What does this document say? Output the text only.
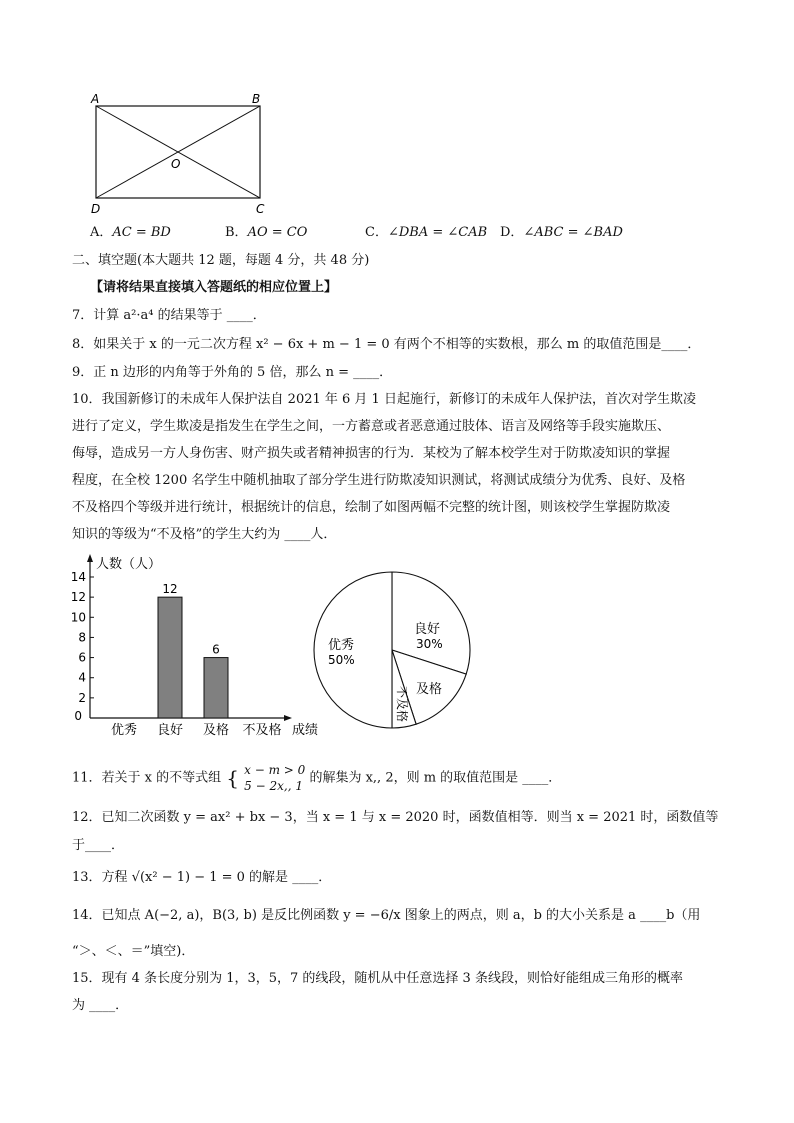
A	B
C
D
O
A．AC = BD	B．AO = CO	C．∠DBA = ∠CAB D．∠ABC = ∠BAD
二、填空题(本大题共 12 题，每题 4 分，共 48 分)
【请将结果直接填入答题纸的相应位置上】
7．计算 a²·a⁴ 的结果等于 ____．
8．如果关于 x 的一元二次方程 x² − 6x + m − 1 = 0 有两个不相等的实数根，那么 m 的取值范围是____．
9．正 n 边形的内角等于外角的 5 倍，那么 n = ____．
10．我国新修订的未成年人保护法自 2021 年 6 月 1 日起施行，新修订的未成年人保护法，首次对学生欺凌
进行了定义，学生欺凌是指发生在学生之间，一方蓄意或者恶意通过肢体、语言及网络等手段实施欺压、
侮辱，造成另一方人身伤害、财产损失或者精神损害的行为．某校为了解本校学生对于防欺凌知识的掌握
程度，在全校 1200 名学生中随机抽取了部分学生进行防欺凌知识测试，将测试成绩分为优秀、良好、及格
不及格四个等级并进行统计，根据统计的信息，绘制了如图两幅不完整的统计图，则该校学生掌握防欺凌
知识的等级为“不及格”的学生大约为 ____人．
人数（人）
成绩
0
2
4
6
8
10
12
14
优秀 良好 及格 不及格
12
6
良好
30%
及格
优秀
50%
不及格
11．若关于 x 的不等式组 { x − m > 0
5 − 2x,, 1 的解集为 x,, 2，则 m 的取值范围是 ____．
12．已知二次函数 y = ax² + bx − 3，当 x = 1 与 x = 2020 时，函数值相等．则当 x = 2021 时，函数值等
于____．
13．方程 √(x² − 1) − 1 = 0 的解是 ____．
14．已知点 A(−2, a)，B(3, b) 是反比例函数 y = −6/x 图象上的两点，则 a，b 的大小关系是 a ____b（用
“＞、＜、＝”填空)．
15．现有 4 条长度分别为 1，3，5，7 的线段，随机从中任意选择 3 条线段，则恰好能组成三角形的概率
为 ____．
